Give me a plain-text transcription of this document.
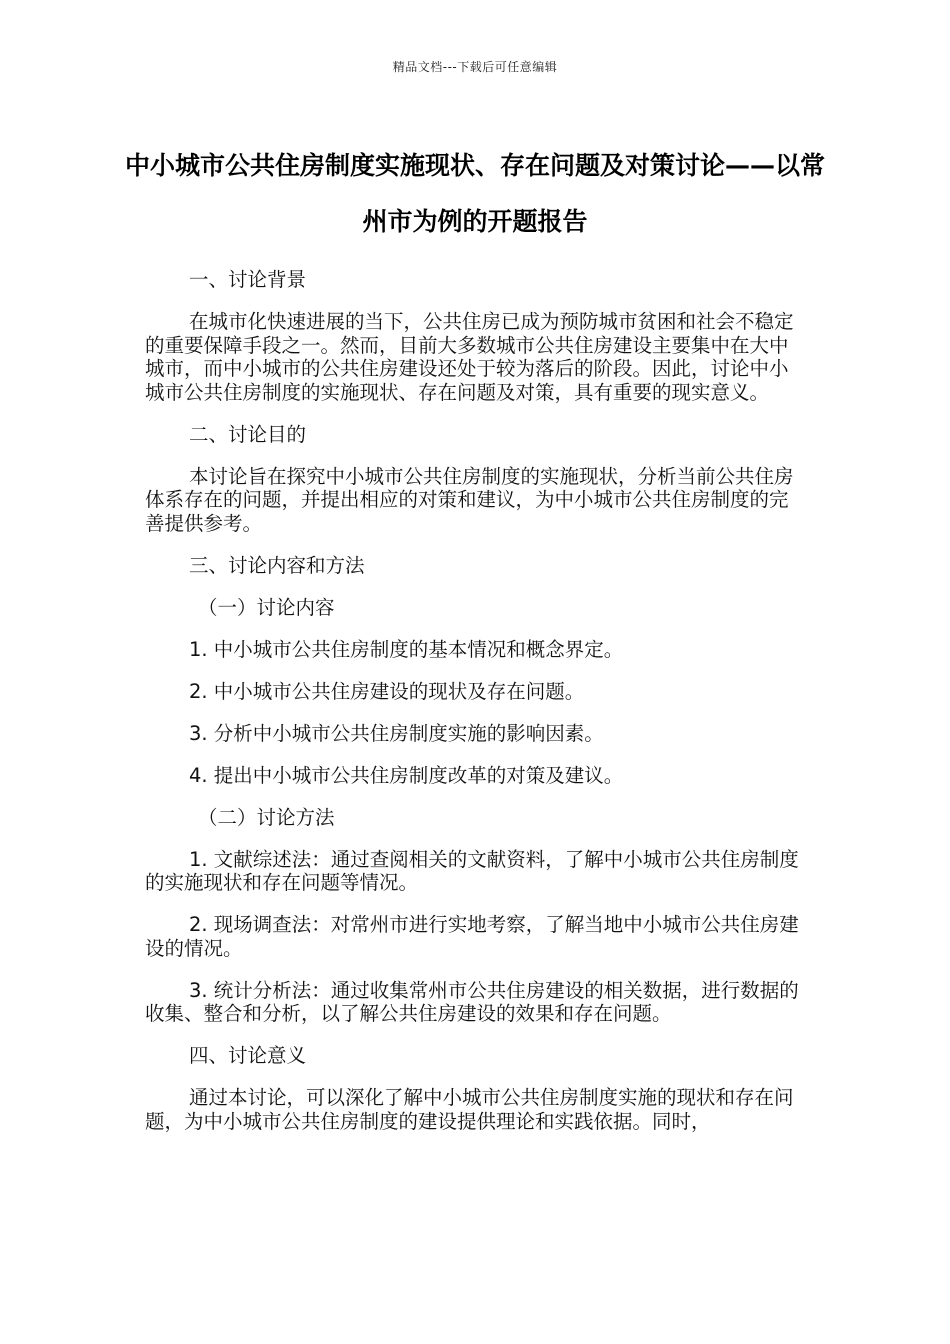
精品文档---下载后可任意编辑
中小城市公共住房制度实施现状、存在问题及对策讨论——以常州市为例的开题报告

一、讨论背景

在城市化快速进展的当下，公共住房已成为预防城市贫困和社会不稳定的重要保障手段之一。然而，目前大多数城市公共住房建设主要集中在大中城市，而中小城市的公共住房建设还处于较为落后的阶段。因此，讨论中小城市公共住房制度的实施现状、存在问题及对策，具有重要的现实意义。

二、讨论目的

本讨论旨在探究中小城市公共住房制度的实施现状，分析当前公共住房体系存在的问题，并提出相应的对策和建议，为中小城市公共住房制度的完善提供参考。

三、讨论内容和方法

（一）讨论内容

1. 中小城市公共住房制度的基本情况和概念界定。

2. 中小城市公共住房建设的现状及存在问题。

3. 分析中小城市公共住房制度实施的影响因素。

4. 提出中小城市公共住房制度改革的对策及建议。

（二）讨论方法

1. 文献综述法：通过查阅相关的文献资料，了解中小城市公共住房制度的实施现状和存在问题等情况。

2. 现场调查法：对常州市进行实地考察，了解当地中小城市公共住房建设的情况。

3. 统计分析法：通过收集常州市公共住房建设的相关数据，进行数据的收集、整合和分析，以了解公共住房建设的效果和存在问题。

四、讨论意义

通过本讨论，可以深化了解中小城市公共住房制度实施的现状和存在问题，为中小城市公共住房制度的建设提供理论和实践依据。同时，
